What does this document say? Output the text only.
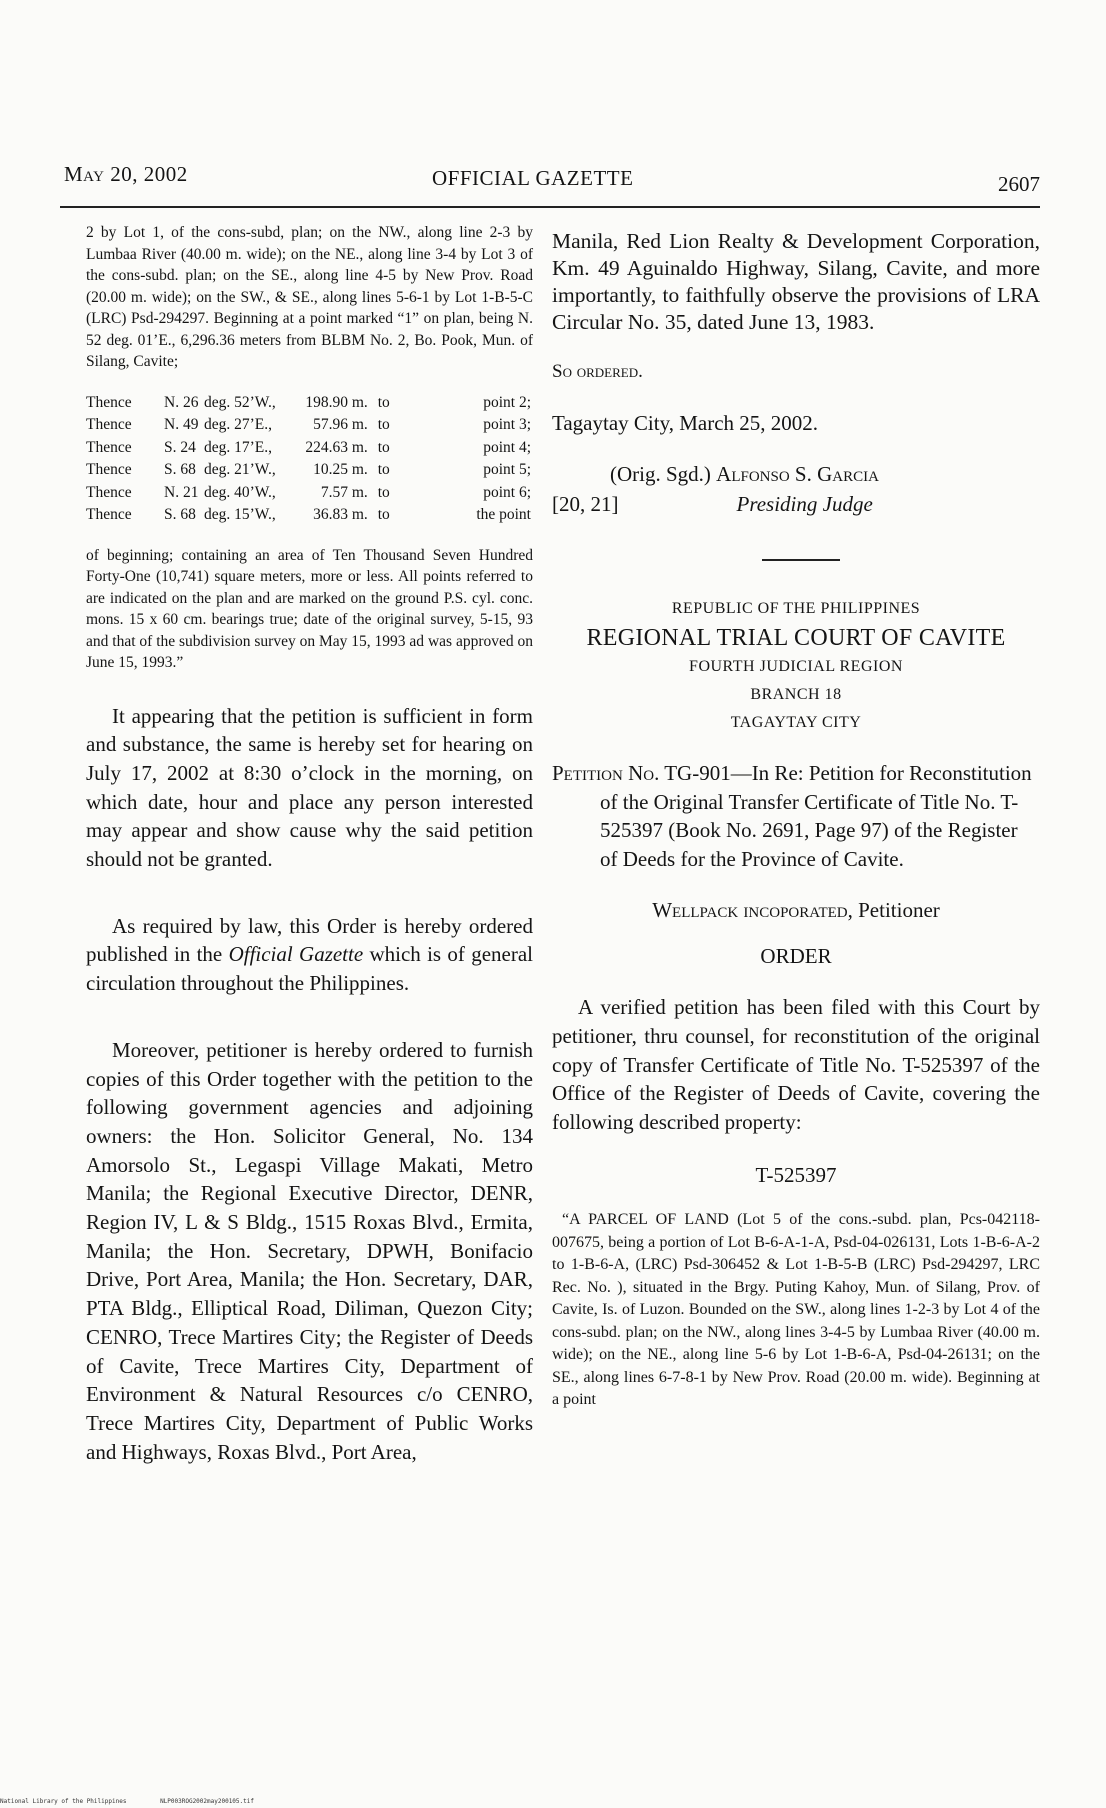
May 20, 2002	OFFICIAL GAZETTE	2607

2 by Lot 1, of the cons-subd, plan; on the NW., along line 2-3 by Lumbaa River (40.00 m. wide); on the NE., along line 3-4 by Lot 3 of the cons-subd. plan; on the SE., along line 4-5 by New Prov. Road (20.00 m. wide); on the SW., & SE., along lines 5-6-1 by Lot 1-B-5-C (LRC) Psd-294297. Beginning at a point marked “1” on plan, being N. 52 deg. 01’E., 6,296.36 meters from BLBM No. 2, Bo. Pook, Mun. of Silang, Cavite;

Thence	N. 26	deg. 52’W.,	198.90 m.	to	point 2;
Thence	N. 49	deg. 27’E.,	57.96 m.	to	point 3;
Thence	S. 24	deg. 17’E.,	224.63 m.	to	point 4;
Thence	S. 68	deg. 21’W.,	10.25 m.	to	point 5;
Thence	N. 21	deg. 40’W.,	7.57 m.	to	point 6;
Thence	S. 68	deg. 15’W.,	36.83 m.	to	the point

of beginning; containing an area of Ten Thousand Seven Hundred Forty-One (10,741) square meters, more or less. All points referred to are indicated on the plan and are marked on the ground P.S. cyl. conc. mons. 15 x 60 cm. bearings true; date of the original survey, 5-15, 93 and that of the subdivision survey on May 15, 1993 ad was approved on June 15, 1993.”

It appearing that the petition is sufficient in form and substance, the same is hereby set for hearing on July 17, 2002 at 8:30 o’clock in the morning, on which date, hour and place any person interested may appear and show cause why the said petition should not be granted.

As required by law, this Order is hereby ordered published in the Official Gazette which is of general circulation throughout the Philippines.

Moreover, petitioner is hereby ordered to furnish copies of this Order together with the petition to the following government agencies and adjoining owners: the Hon. Solicitor General, No. 134 Amorsolo St., Legaspi Village Makati, Metro Manila; the Regional Executive Director, DENR, Region IV, L & S Bldg., 1515 Roxas Blvd., Ermita, Manila; the Hon. Secretary, DPWH, Bonifacio Drive, Port Area, Manila; the Hon. Secretary, DAR, PTA Bldg., Elliptical Road, Diliman, Quezon City; CENRO, Trece Martires City; the Register of Deeds of Cavite, Trece Martires City, Department of Environment & Natural Resources c/o CENRO, Trece Martires City, Department of Public Works and Highways, Roxas Blvd., Port Area,

Manila, Red Lion Realty & Development Corporation, Km. 49 Aguinaldo Highway, Silang, Cavite, and more importantly, to faithfully observe the provisions of LRA Circular No. 35, dated June 13, 1983.

So ordered.

Tagaytay City, March 25, 2002.

(Orig. Sgd.) Alfonso S. Garcia
[20, 21]	Presiding Judge
REPUBLIC OF THE PHILIPPINES
REGIONAL TRIAL COURT OF CAVITE
FOURTH JUDICIAL REGION
BRANCH 18
TAGAYTAY CITY

Petition No. TG-901—In Re: Petition for Reconstitution of the Original Transfer Certificate of Title No. T-525397 (Book No. 2691, Page 97) of the Register of Deeds for the Province of Cavite.

Wellpack incoporated, Petitioner

ORDER

A verified petition has been filed with this Court by petitioner, thru counsel, for reconstitution of the original copy of Transfer Certificate of Title No. T-525397 of the Office of the Register of Deeds of Cavite, covering the following described property:

T-525397

“A PARCEL OF LAND (Lot 5 of the cons.-subd. plan, Pcs-042118-007675, being a portion of Lot B-6-A-1-A, Psd-04-026131, Lots 1-B-6-A-2 to 1-B-6-A, (LRC) Psd-306452 & Lot 1-B-5-B (LRC) Psd-294297, LRC Rec. No. ), situated in the Brgy. Puting Kahoy, Mun. of Silang, Prov. of Cavite, Is. of Luzon. Bounded on the SW., along lines 1-2-3 by Lot 4 of the cons-subd. plan; on the NW., along lines 3-4-5 by Lumbaa River (40.00 m. wide); on the NE., along line 5-6 by Lot 1-B-6-A, Psd-04-26131; on the SE., along lines 6-7-8-1 by New Prov. Road (20.00 m. wide). Beginning at a point

National Library of the Philippines	NLP003ROG2002may200105.tif
